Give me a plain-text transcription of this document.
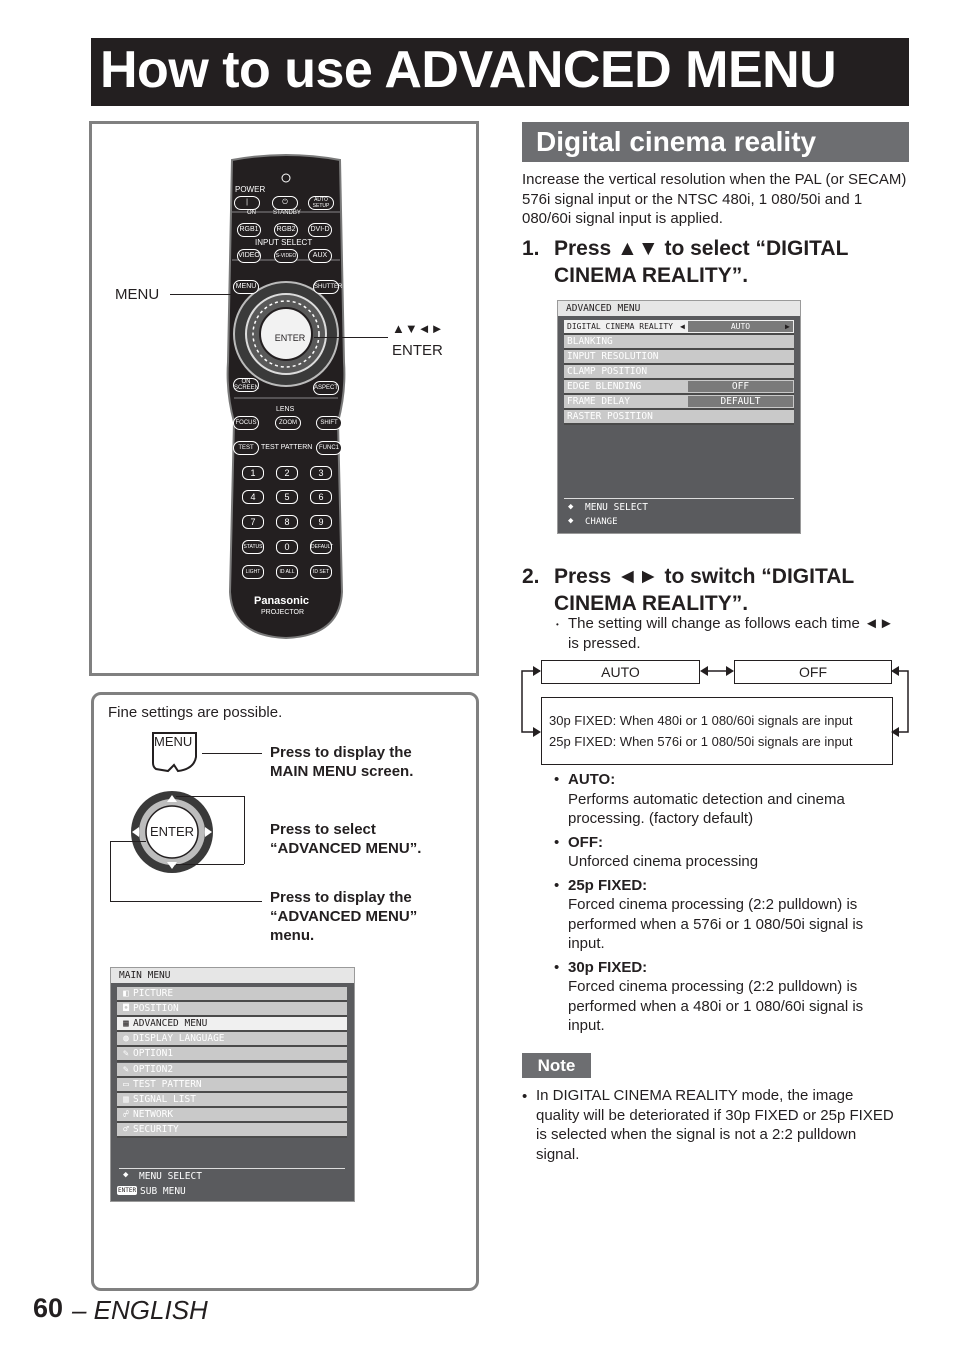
How to use ADVANCED MENU
POWER
|	⏻
ON	STANDBY
AUTO SETUP
RGB1	RGB2	DVI-D
INPUT SELECT
VIDEO	S-VIDEO	AUX
MENU	SHUTTER
ENTER
ON SCREEN	ASPECT
LENS
FOCUS	ZOOM	SHIFT
TEST	TEST PATTERN	FUNC1
1	2	3
4	5	6
7	8	9
STATUS	0	DEFAULT
LIGHT	ID ALL	ID SET
Panasonic
PROJECTOR
MENU
▲▼◄►
ENTER
Fine settings are possible.
MENU
Press to display the MAIN MENU screen.
ENTER	Press to select “ADVANCED MENU”.
Press to display the “ADVANCED MENU” menu.
MAIN MENU
◧ PICTURE
◘ POSITION
▦ ADVANCED MENU
◍ DISPLAY LANGUAGE
✎ OPTION1
✎ OPTION2
▭ TEST PATTERN
▥ SIGNAL LIST
☍ NETWORK
♂ SECURITY
◆ MENU SELECT
ENTER SUB MENU
Digital cinema reality
Increase the vertical resolution when the PAL (or SECAM) 576i signal input or the NTSC 480i, 1 080/50i and 1 080/60i signal input is applied.
1. Press ▲▼ to select “DIGITAL CINEMA REALITY”.
ADVANCED MENU
DIGITAL CINEMA REALITY	AUTO
◀	▶
BLANKING
INPUT RESOLUTION
CLAMP POSITION
EDGE BLENDING	OFF
FRAME DELAY	DEFAULT
RASTER POSITION
◆ MENU SELECT
◆ CHANGE
2. Press ◄► to switch “DIGITAL CINEMA REALITY”.
• The setting will change as follows each time ◄► is pressed.
AUTO	OFF
30p FIXED: When 480i or 1 080/60i signals are input
25p FIXED: When 576i or 1 080/50i signals are input
• AUTO:
Performs automatic detection and cinema processing. (factory default)
• OFF:
Unforced cinema processing
• 25p FIXED:
Forced cinema processing (2:2 pulldown) is performed when a 576i or 1 080/50i signal is input.
• 30p FIXED:
Forced cinema processing (2:2 pulldown) is performed when a 480i or 1 080/60i signal is input.
Note
• In DIGITAL CINEMA REALITY mode, the image quality will be deteriorated if 30p FIXED or 25p FIXED is selected when the signal is not a 2:2 pulldown signal.
60 – ENGLISH
